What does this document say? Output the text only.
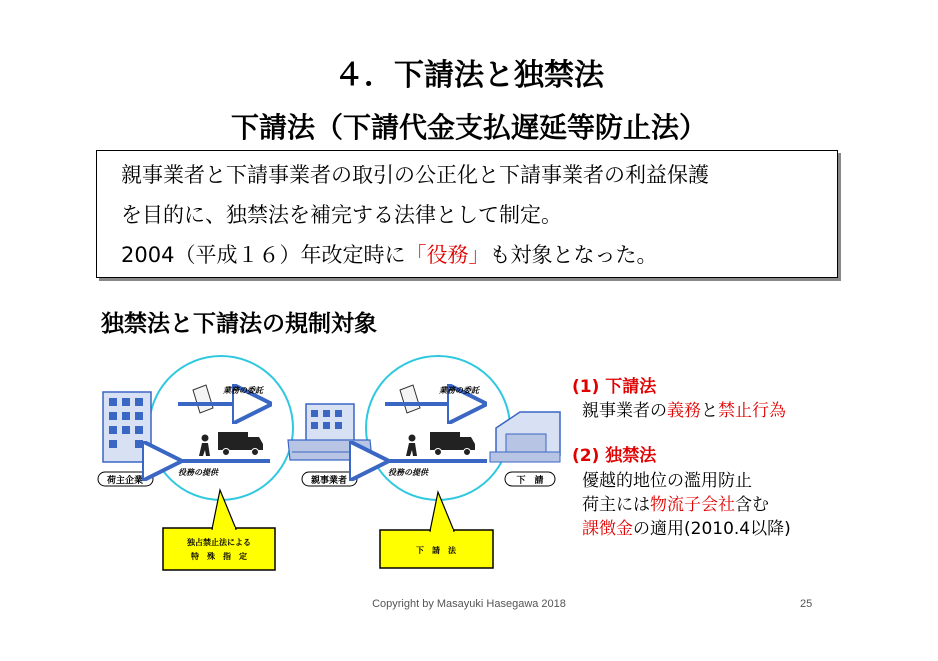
４．下請法と独禁法
下請法（下請代金支払遅延等防止法）
親事業者と下請事業者の取引の公正化と下請事業者の利益保護
を目的に、独禁法を補完する法律として制定。
2004（平成１６）年改定時に「役務」も対象となった。
独禁法と下請法の規制対象
荷主企業	親事業者	下　請
業務の委託
役務の提供
業務の委託
役務の提供
独占禁止法による
特　殊　指　定
下　請　法
(1) 下請法
親事業者の義務と禁止行為
(2) 独禁法
優越的地位の濫用防止
荷主には物流子会社含む
課徴金の適用(2010.4以降)
Copyright by Masayuki Hasegawa 2018	25
